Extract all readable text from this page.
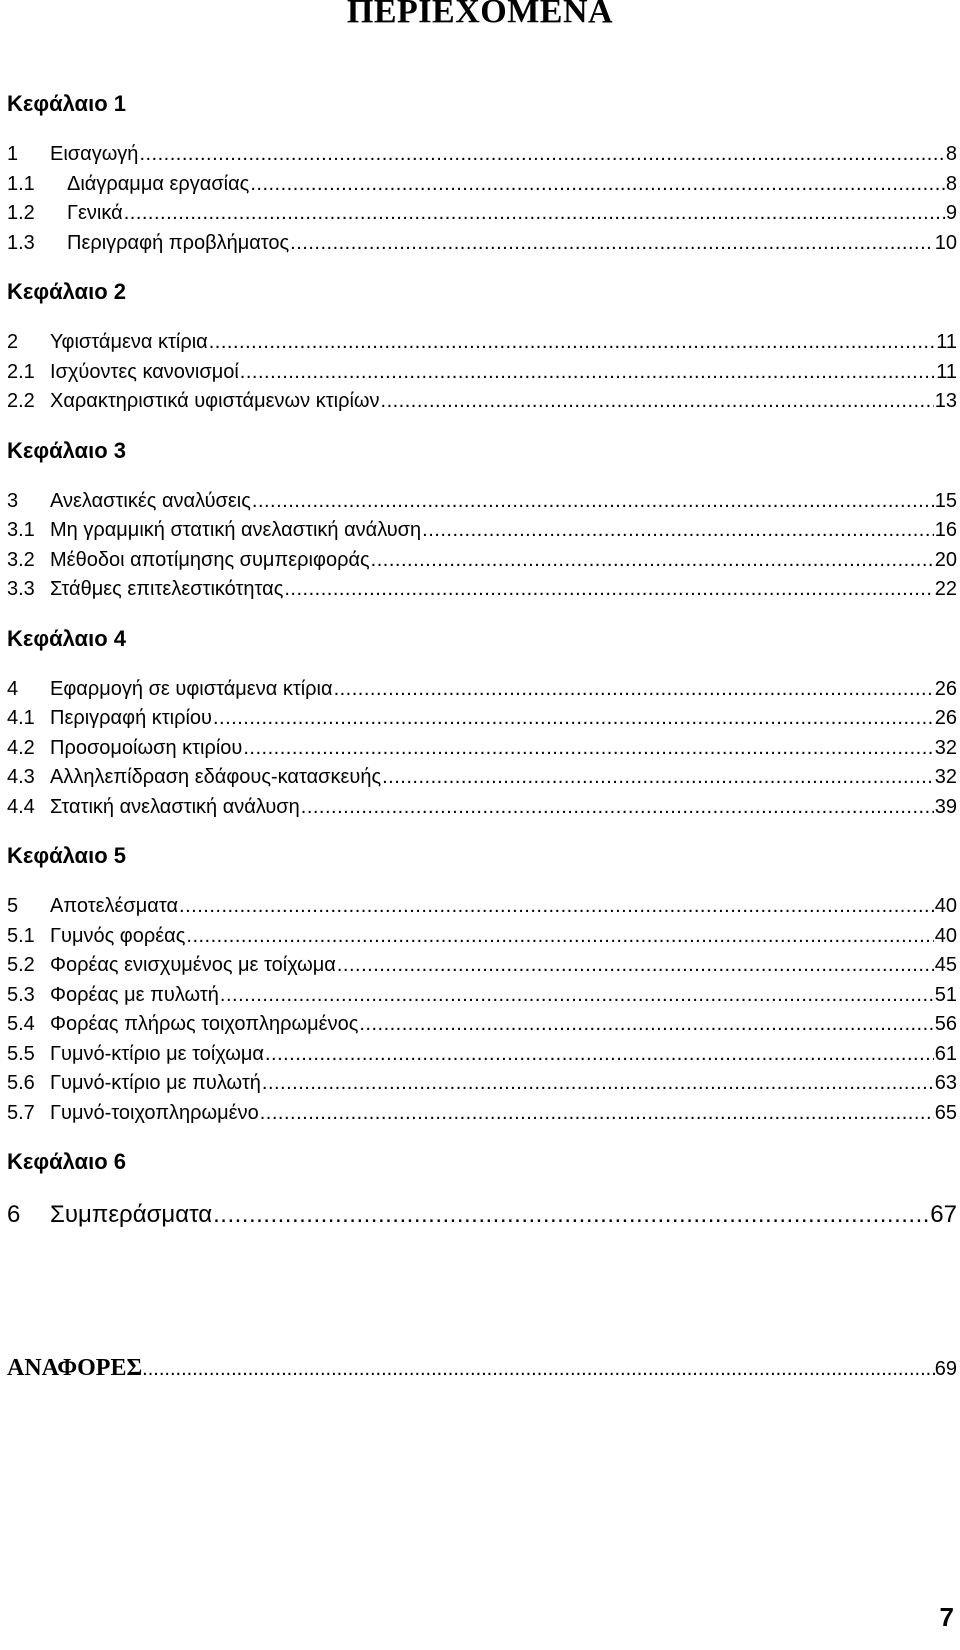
ΠΕΡΙΕΧΟΜΕΝΑ
Κεφάλαιο 1
1	Εισαγωγή .....	8
1.1	Διάγραμμα εργασίας .....	8
1.2	Γενικά .....	9
1.3	Περιγραφή προβλήματος .....	10
Κεφάλαιο 2
2	Υφιστάμενα κτίρια .....	11
2.1 Ισχύοντες κανονισμοί .....	11
2.2 Χαρακτηριστικά υφιστάμενων κτιρίων .....	13
Κεφάλαιο 3
3	Ανελαστικές αναλύσεις .....	15
3.1 Μη γραμμική στατική ανελαστική ανάλυση .....	16
3.2 Μέθοδοι αποτίμησης συμπεριφοράς .....	20
3.3 Στάθμες επιτελεστικότητας .....	22
Κεφάλαιο 4
4	Εφαρμογή σε υφιστάμενα κτίρια .....	26
4.1 Περιγραφή κτιρίου .....	26
4.2 Προσομοίωση κτιρίου .....	32
4.3 Αλληλεπίδραση εδάφους-κατασκευής .....	32
4.4 Στατική ανελαστική ανάλυση .....	39
Κεφάλαιο 5
5	Αποτελέσματα .....	40
5.1 Γυμνός φορέας .....	40
5.2 Φορέας ενισχυμένος με τοίχωμα .....	45
5.3 Φορέας με πυλωτή .....	51
5.4 Φορέας πλήρως τοιχοπληρωμένος .....	56
5.5 Γυμνό-κτίριο με τοίχωμα .....	61
5.6 Γυμνό-κτίριο με πυλωτή .....	63
5.7 Γυμνό-τοιχοπληρωμένο .....	65
Κεφάλαιο 6
6	Συμπεράσματα .....	67
ΑΝΑΦΟΡΕΣ .....	69
7
